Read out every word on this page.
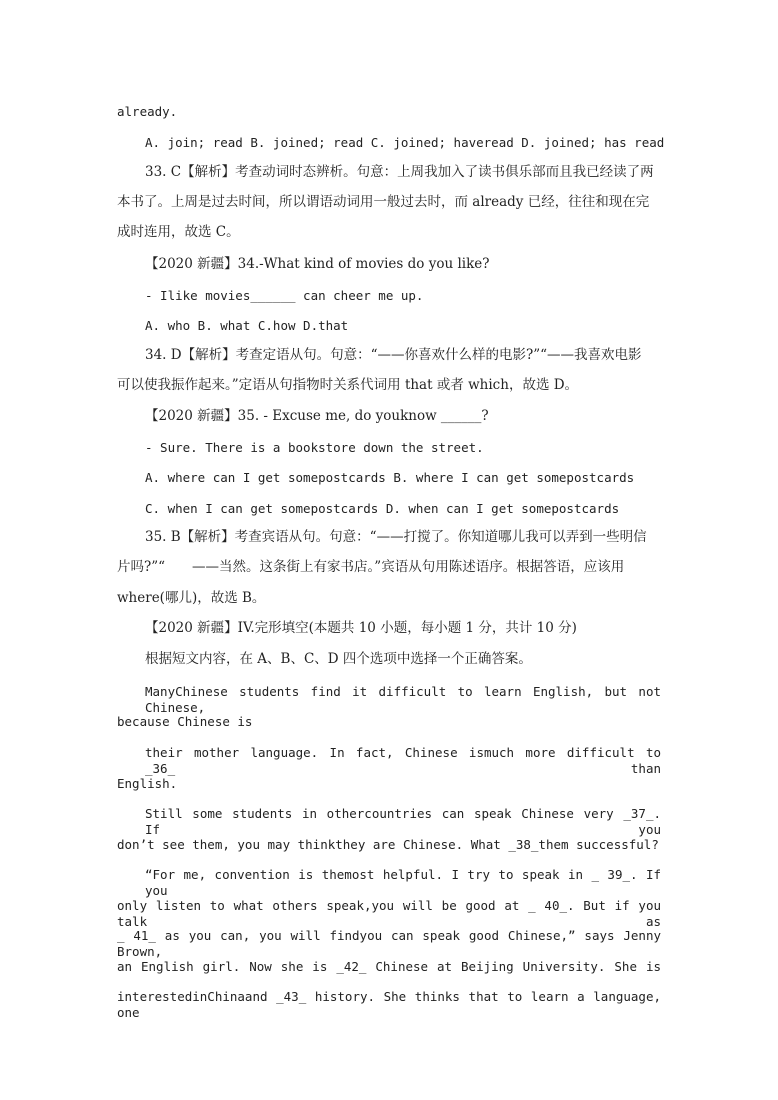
already.
A. join; read B. joined; read C. joined; haveread D. joined; has read
33. C【解析】考查动词时态辨析。句意：上周我加入了读书俱乐部而且我已经读了两
本书了。上周是过去时间，所以谓语动词用一般过去时，而 already 已经，往往和现在完
成时连用，故选 C。
【2020 新疆】34.-What kind of movies do you like?
- Ilike movies______ can cheer me up.
A. who B. what C.how D.that
34. D【解析】考查定语从句。句意：“——你喜欢什么样的电影?”“——我喜欢电影
可以使我振作起来。”定语从句指物时关系代词用 that 或者 which，故选 D。
【2020 新疆】35. - Excuse me, do youknow ______?
- Sure. There is a bookstore down the street.
A. where can I get somepostcards B. where I can get somepostcards
C. when I can get somepostcards D. when can I get somepostcards
35. B【解析】考查宾语从句。句意：“——打搅了。你知道哪儿我可以弄到一些明信
片吗?”“　　——当然。这条街上有家书店。”宾语从句用陈述语序。根据答语，应该用
where(哪儿)，故选 B。
【2020 新疆】IV.完形填空(本题共 10 小题，每小题 1 分，共计 10 分)
根据短文内容，在 A、B、C、D 四个选项中选择一个正确答案。
ManyChinese students find it difficult to learn English, but not Chinese,
because Chinese is
their mother language. In fact, Chinese ismuch more difficult to _36_ than
English.
Still some students in othercountries can speak Chinese very _37_. If you
don’t see them, you may thinkthey are Chinese. What _38_them successful?
“For me, convention is themost helpful. I try to speak in _ 39_. If you
only listen to what others speak,you will be good at _ 40_. But if you talk as
_ 41_ as you can, you will findyou can speak good Chinese,” says Jenny Brown,
an English girl. Now she is _42_ Chinese at Beijing University. She is
interestedinChinaand _43_ history. She thinks that to learn a language, one
